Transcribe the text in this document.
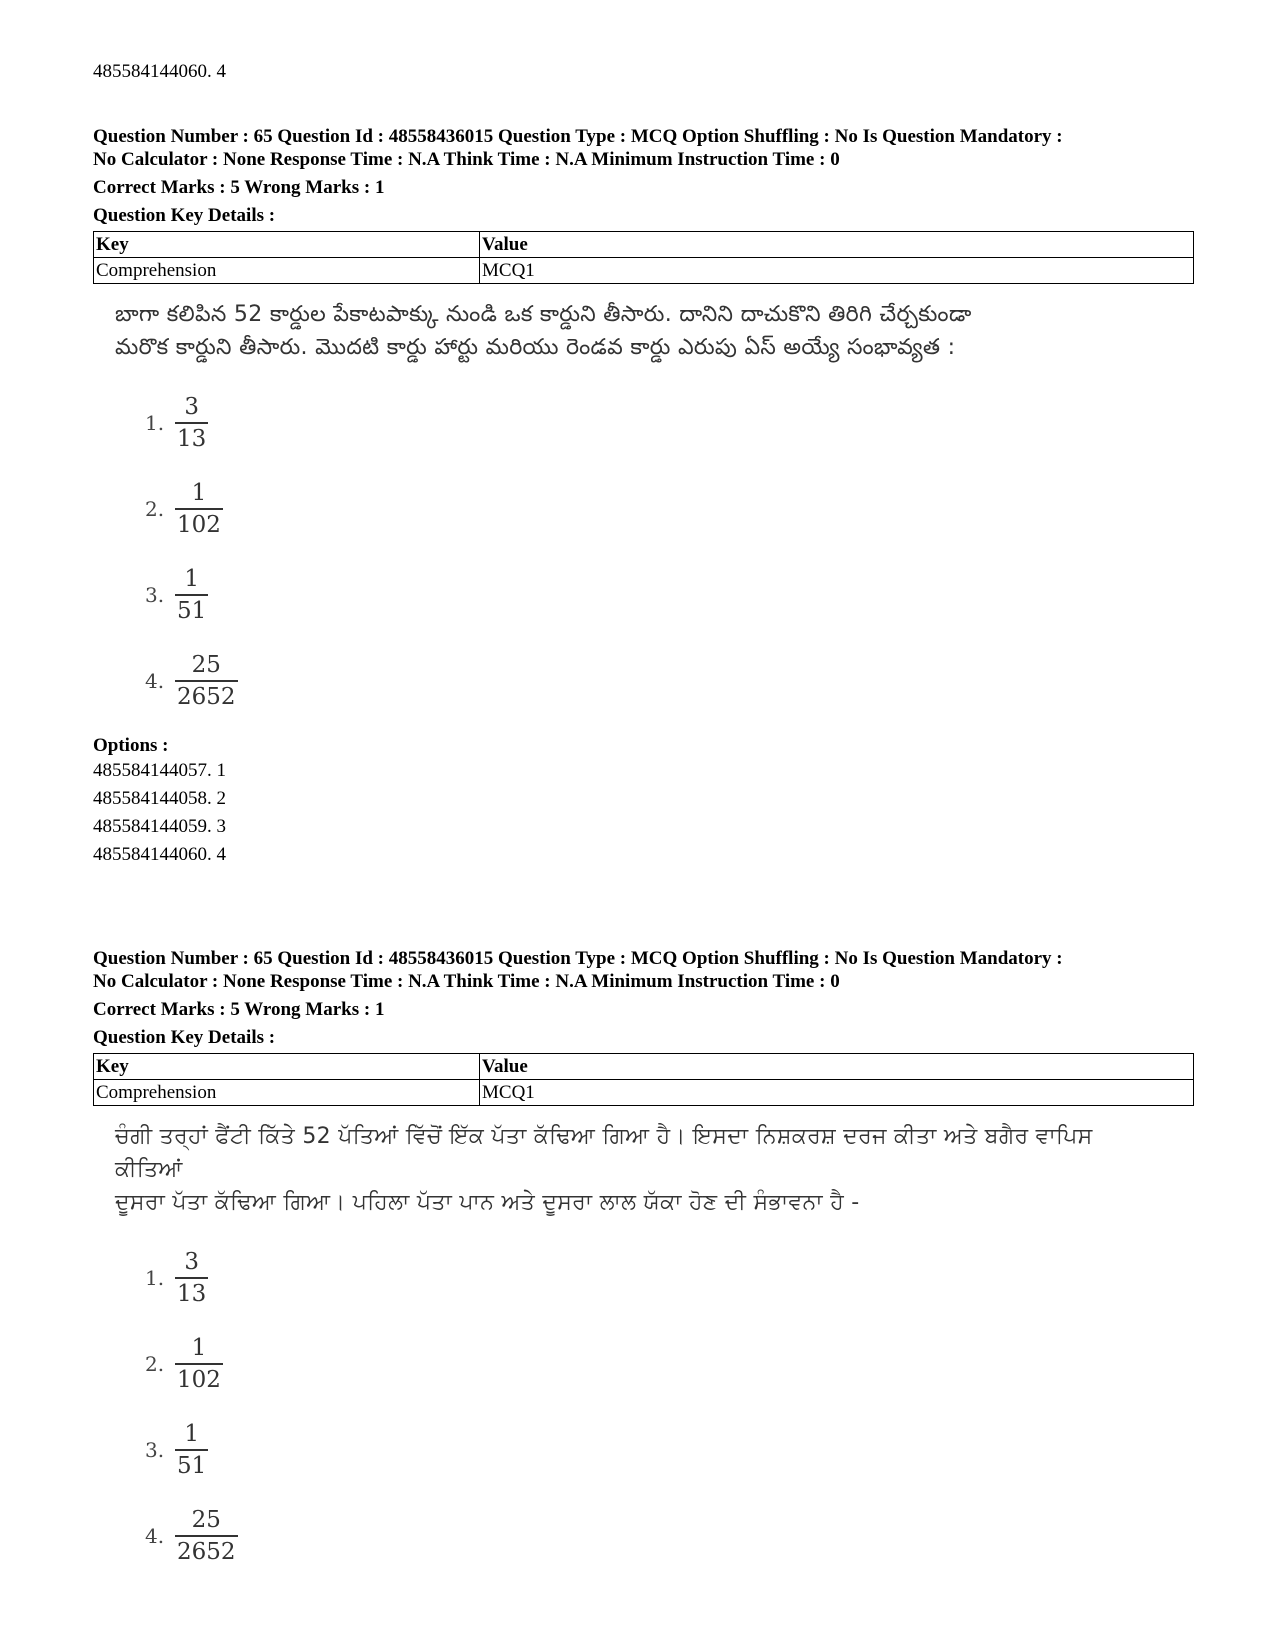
485584144060. 4

Question Number : 65 Question Id : 48558436015 Question Type : MCQ Option Shuffling : No Is Question Mandatory :

No Calculator : None Response Time : N.A Think Time : N.A Minimum Instruction Time : 0

Correct Marks : 5 Wrong Marks : 1

Question Key Details :

Key	Value
Comprehension	MCQ1
బాగా కలిపిన 52 కార్డుల పేకాటపాక్కు నుండి ఒక కార్డుని తీసారు. దానిని దాచుకొని తిరిగి చేర్చకుండా
మరొక కార్డుని తీసారు. మొదటి కార్డు హార్టు మరియు రెండవ కార్డు ఎరుపు ఏస్ అయ్యే సంభావ్యత :
1. $\frac{3}{13}$
2. $\frac{1}{102}$
3. $\frac{1}{51}$
4. $\frac{25}{2652}$

Options :

485584144057. 1
485584144058. 2
485584144059. 3
485584144060. 4

Question Number : 65 Question Id : 48558436015 Question Type : MCQ Option Shuffling : No Is Question Mandatory :

No Calculator : None Response Time : N.A Think Time : N.A Minimum Instruction Time : 0

Correct Marks : 5 Wrong Marks : 1

Question Key Details :

Key	Value
Comprehension	MCQ1
ਚੰਗੀ ਤਰ੍ਹਾਂ ਫੈਂਟੀ ਕਿੱਤੇ 52 ਪੱਤਿਆਂ ਵਿੱਚੋਂ ਇੱਕ ਪੱਤਾ ਕੱਢਿਆ ਗਿਆ ਹੈ। ਇਸਦਾ ਨਿਸ਼ਕਰਸ਼ ਦਰਜ ਕੀਤਾ ਅਤੇ ਬਗੈਰ ਵਾਪਿਸ ਕੀਤਿਆਂ
ਦੂਸਰਾ ਪੱਤਾ ਕੱਢਿਆ ਗਿਆ। ਪਹਿਲਾ ਪੱਤਾ ਪਾਨ ਅਤੇ ਦੂਸਰਾ ਲਾਲ ਯੱਕਾ ਹੋਣ ਦੀ ਸੰਭਾਵਨਾ ਹੈ -
1. $\frac{3}{13}$
2. $\frac{1}{102}$
3. $\frac{1}{51}$
4. $\frac{25}{2652}$
